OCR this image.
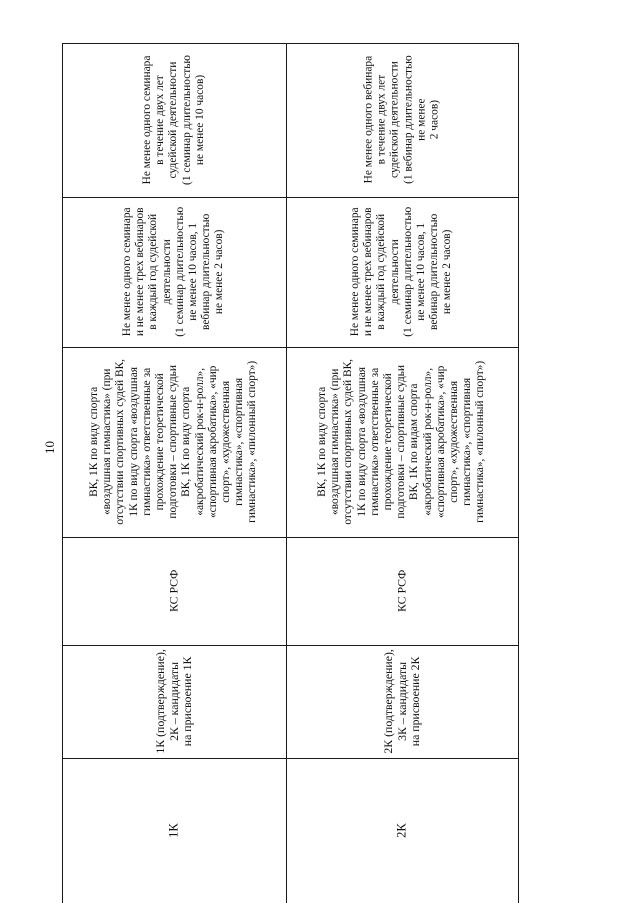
10
Не менее одного семинара
в течение двух лет
судейской деятельности
(1 семинар длительностью
не менее 10 часов)
Не менее одного семинара
и не менее трех вебинаров
в каждый год судейской
деятельности
(1 семинар длительностью
не менее 10 часов, 1
вебинар длительностью
не менее 2 часов)
ВК, 1К по виду спорта
«воздушная гимнастика» (при
отсутствии спортивных судей ВК,
1К по виду спорта «воздушная
гимнастика» ответственные за
прохождение теоретической
подготовки – спортивные судьи
ВК, 1К по виду спорта
«акробатический рок-н-ролл»,
«спортивная акробатика», «чир
спорт», «художественная
гимнастика», «спортивная
гимнастика», «пилонный спорт»)
КС РСФ
1К (подтверждение),
2К – кандидаты
на присвоение 1К
1К
Не менее одного вебинара
в течение двух лет
судейской деятельности
(1 вебинар длительностью
не менее
2 часов)
Не менее одного семинара
и не менее трех вебинаров
в каждый год судейской
деятельности
(1 семинар длительностью
не менее 10 часов, 1
вебинар длительностью
не менее 2 часов)
ВК, 1К по виду спорта
«воздушная гимнастика» (при
отсутствии спортивных судей ВК,
1К по виду спорта «воздушная
гимнастика» ответственные за
прохождение теоретической
подготовки – спортивные судьи
ВК, 1К по видам спорта
«акробатический рок-н-ролл»,
«спортивная акробатика», «чир
спорт», «художественная
гимнастика», «спортивная
гимнастика», «пилонный спорт»)
КС РСФ
2К (подтверждение),
3К – кандидаты
на присвоение 2К
2К
